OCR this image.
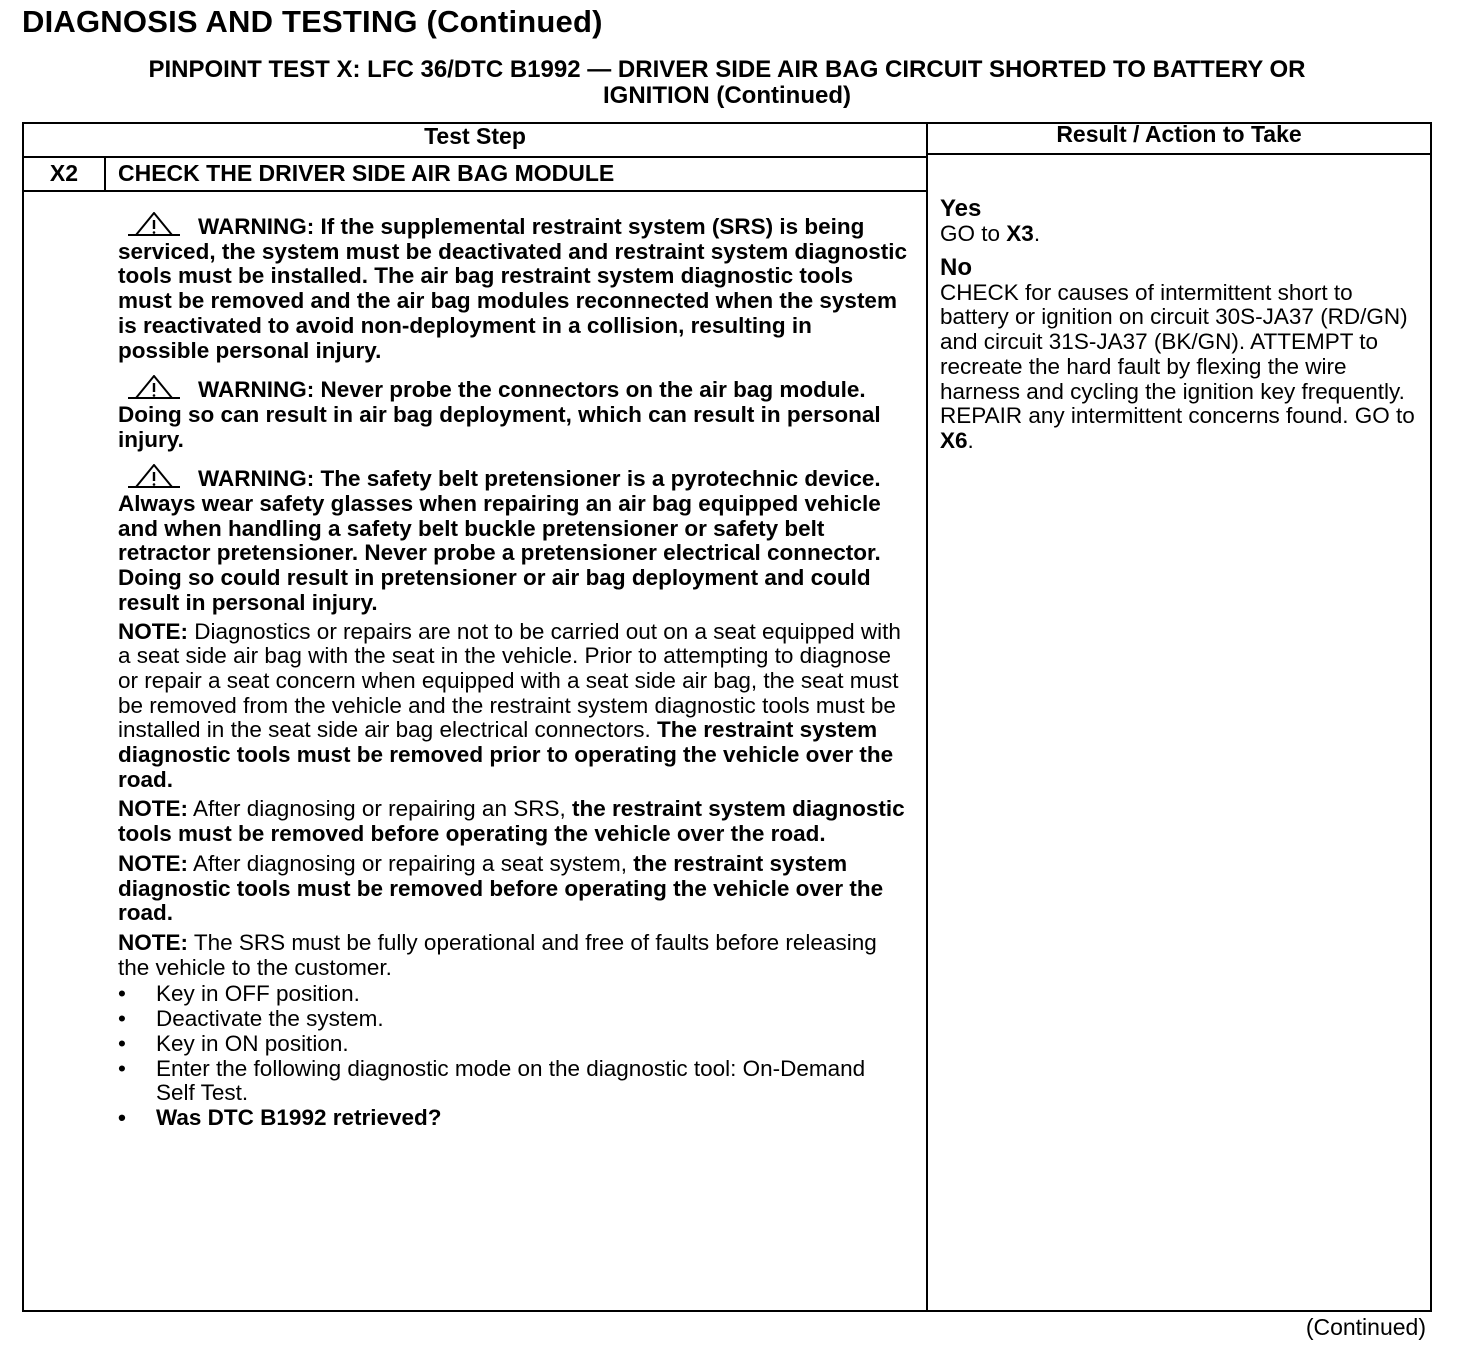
DIAGNOSIS AND TESTING (Continued)
PINPOINT TEST X: LFC 36/DTC B1992 — DRIVER SIDE AIR BAG CIRCUIT SHORTED TO BATTERY OR
IGNITION (Continued)
Test Step	Result / Action to Take
X2	CHECK THE DRIVER SIDE AIR BAG MODULE

WARNING: If the supplemental restraint system (SRS) is being serviced, the system must be deactivated and restraint system diagnostic tools must be installed. The air bag restraint system diagnostic tools must be removed and the air bag modules reconnected when the system is reactivated to avoid non-deployment in a collision, resulting in possible personal injury.

WARNING: Never probe the connectors on the air bag module. Doing so can result in air bag deployment, which can result in personal injury.

WARNING: The safety belt pretensioner is a pyrotechnic device. Always wear safety glasses when repairing an air bag equipped vehicle and when handling a safety belt buckle pretensioner or safety belt retractor pretensioner. Never probe a pretensioner electrical connector. Doing so could result in pretensioner or air bag deployment and could result in personal injury.

NOTE: Diagnostics or repairs are not to be carried out on a seat equipped with a seat side air bag with the seat in the vehicle. Prior to attempting to diagnose or repair a seat concern when equipped with a seat side air bag, the seat must be removed from the vehicle and the restraint system diagnostic tools must be installed in the seat side air bag electrical connectors. The restraint system diagnostic tools must be removed prior to operating the vehicle over the road.

NOTE: After diagnosing or repairing an SRS, the restraint system diagnostic tools must be removed before operating the vehicle over the road.

NOTE: After diagnosing or repairing a seat system, the restraint system diagnostic tools must be removed before operating the vehicle over the road.

NOTE: The SRS must be fully operational and free of faults before releasing the vehicle to the customer.

• Key in OFF position.
• Deactivate the system.
• Key in ON position.
• Enter the following diagnostic mode on the diagnostic tool: On-Demand Self Test.
• Was DTC B1992 retrieved?
Yes

GO to X3.

No

CHECK for causes of intermittent short to battery or ignition on circuit 30S-JA37 (RD/GN) and circuit 31S-JA37 (BK/GN). ATTEMPT to recreate the hard fault by flexing the wire harness and cycling the ignition key frequently. REPAIR any intermittent concerns found. GO to X6.

(Continued)
